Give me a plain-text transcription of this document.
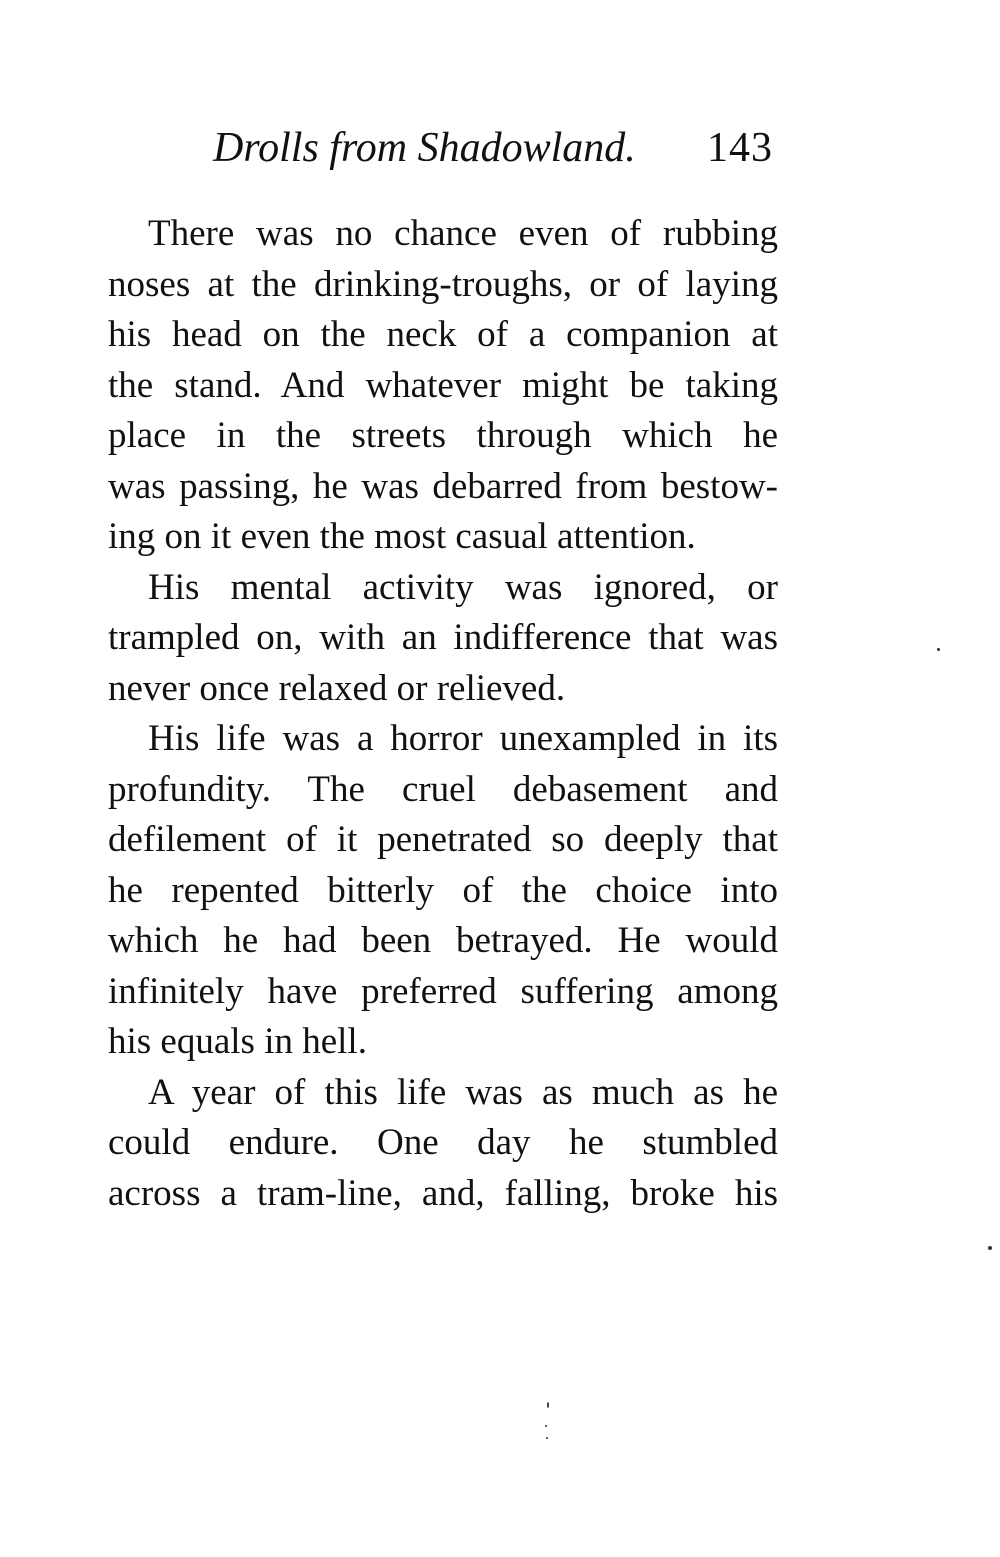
Drolls from Shadowland. 143
There was no chance even of rubbing
noses at the drinking-troughs, or of laying
his head on the neck of a companion at
the stand. And whatever might be taking
place in the streets through which he
was passing, he was debarred from bestow-
ing on it even the most casual attention.
His mental activity was ignored, or
trampled on, with an indifference that was
never once relaxed or relieved.
His life was a horror unexampled in its
profundity. The cruel debasement and
defilement of it penetrated so deeply that
he repented bitterly of the choice into
which he had been betrayed. He would
infinitely have preferred suffering among
his equals in hell.
A year of this life was as much as he
could endure. One day he stumbled
across a tram-line, and, falling, broke his
